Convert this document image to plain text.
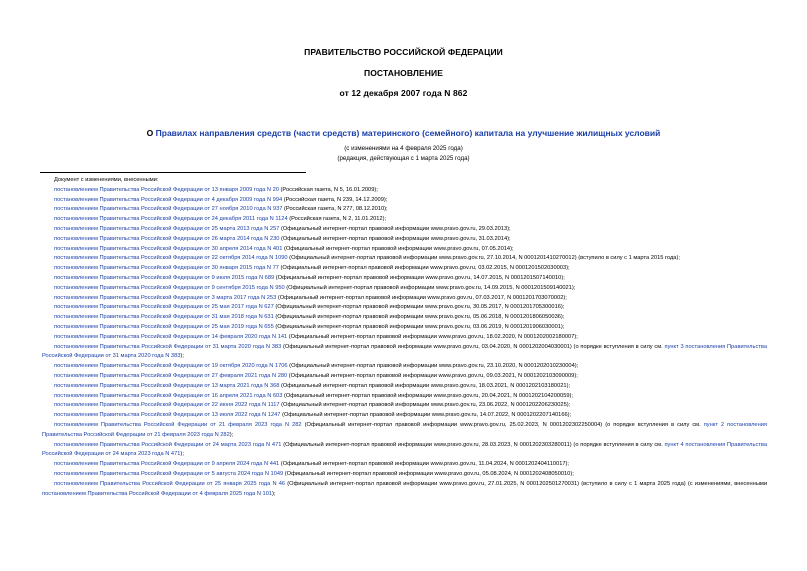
ПРАВИТЕЛЬСТВО РОССИЙСКОЙ ФЕДЕРАЦИИ
ПОСТАНОВЛЕНИЕ
от 12 декабря 2007 года N 862
О Правилах направления средств (части средств) материнского (семейного) капитала на улучшение жилищных условий
(с изменениями на 4 февраля 2025 года)
(редакция, действующая с 1 марта 2025 года)
Документ с изменениями, внесенными:
постановлением Правительства Российской Федерации от 13 января 2009 года N 20 (Российская газета, N 5, 16.01.2009);
постановлением Правительства Российской Федерации от 4 декабря 2009 года N 994 (Российская газета, N 239, 14.12.2009);
постановлением Правительства Российской Федерации от 27 ноября 2010 года N 937 (Российская газета, N 277, 08.12.2010);
постановлением Правительства Российской Федерации от 24 декабря 2011 года N 1124 (Российская газета, N 2, 11.01.2012);
постановлением Правительства Российской Федерации от 25 марта 2013 года N 257 (Официальный интернет-портал правовой информации www.pravo.gov.ru, 29.03.2013);
постановлением Правительства Российской Федерации от 26 марта 2014 года N 230 (Официальный интернет-портал правовой информации www.pravo.gov.ru, 31.03.2014);
постановлением Правительства Российской Федерации от 30 апреля 2014 года N 401 (Официальный интернет-портал правовой информации www.pravo.gov.ru, 07.05.2014);
постановлением Правительства Российской Федерации от 22 октября 2014 года N 1090 (Официальный интернет-портал правовой информации www.pravo.gov.ru, 27.10.2014, N 0001201410270012) (вступило в силу с 1 марта 2015 года);
постановлением Правительства Российской Федерации от 30 января 2015 года N 77 (Официальный интернет-портал правовой информации www.pravo.gov.ru, 03.02.2015, N 0001201502030003);
постановлением Правительства Российской Федерации от 9 июля 2015 года N 689 (Официальный интернет-портал правовой информации www.pravo.gov.ru, 14.07.2015, N 0001201507140010);
постановлением Правительства Российской Федерации от 9 сентября 2015 года N 950 (Официальный интернет-портал правовой информации www.pravo.gov.ru, 14.09.2015, N 0001201509140021);
постановлением Правительства Российской Федерации от 3 марта 2017 года N 253 (Официальный интернет-портал правовой информации www.pravo.gov.ru, 07.03.2017, N 0001201703070002);
постановлением Правительства Российской Федерации от 25 мая 2017 года N 627 (Официальный интернет-портал правовой информации www.pravo.gov.ru, 30.05.2017, N 0001201705300016);
постановлением Правительства Российской Федерации от 31 мая 2018 года N 631 (Официальный интернет-портал правовой информации www.pravo.gov.ru, 05.06.2018, N 0001201806050036);
постановлением Правительства Российской Федерации от 25 мая 2019 года N 655 (Официальный интернет-портал правовой информации www.pravo.gov.ru, 03.06.2019, N 0001201906030001);
постановлением Правительства Российской Федерации от 14 февраля 2020 года N 141 (Официальный интернет-портал правовой информации www.pravo.gov.ru, 18.02.2020, N 0001202002180007);
постановлением Правительства Российской Федерации от 31 марта 2020 года N 383 (Официальный интернет-портал правовой информации www.pravo.gov.ru, 03.04.2020, N 0001202004030001) (о порядке вступления в силу см. пункт 3 постановления Правительства Российской Федерации от 31 марта 2020 года N 383);
постановлением Правительства Российской Федерации от 19 октября 2020 года N 1706 (Официальный интернет-портал правовой информации www.pravo.gov.ru, 23.10.2020, N 0001202010230004);
постановлением Правительства Российской Федерации от 27 февраля 2021 года N 280 (Официальный интернет-портал правовой информации www.pravo.gov.ru, 09.03.2021, N 0001202103090009);
постановлением Правительства Российской Федерации от 13 марта 2021 года N 368 (Официальный интернет-портал правовой информации www.pravo.gov.ru, 18.03.2021, N 0001202103180021);
постановлением Правительства Российской Федерации от 16 апреля 2021 года N 603 (Официальный интернет-портал правовой информации www.pravo.gov.ru, 20.04.2021, N 0001202104200059);
постановлением Правительства Российской Федерации от 22 июня 2022 года N 1117 (Официальный интернет-портал правовой информации www.pravo.gov.ru, 23.06.2022, N 0001202206230025);
постановлением Правительства Российской Федерации от 13 июля 2022 года N 1247 (Официальный интернет-портал правовой информации www.pravo.gov.ru, 14.07.2022, N 0001202207140166);
постановлением Правительства Российской Федерации от 21 февраля 2023 года N 282 (Официальный интернет-портал правовой информации www.pravo.gov.ru, 25.02.2023, N 0001202302250004) (о порядке вступления в силу см. пункт 2 постановления Правительства Российской Федерации от 21 февраля 2023 года N 282);
постановлением Правительства Российской Федерации от 24 марта 2023 года N 471 (Официальный интернет-портал правовой информации www.pravo.gov.ru, 28.03.2023, N 0001202303280011) (о порядке вступления в силу см. пункт 4 постановления Правительства Российской Федерации от 24 марта 2023 года N 471);
постановлением Правительства Российской Федерации от 9 апреля 2024 года N 441 (Официальный интернет-портал правовой информации www.pravo.gov.ru, 11.04.2024, N 0001202404110017);
постановлением Правительства Российской Федерации от 5 августа 2024 года N 1049 (Официальный интернет-портал правовой информации www.pravo.gov.ru, 05.08.2024, N 0001202408050010);
постановлением Правительства Российской Федерации от 25 января 2025 года N 46 (Официальный интернет-портал правовой информации www.pravo.gov.ru, 27.01.2025, N 0001202501270031) (вступило в силу с 1 марта 2025 года) (с изменениями, внесенными постановлением Правительства Российской Федерации от 4 февраля 2025 года N 101);
